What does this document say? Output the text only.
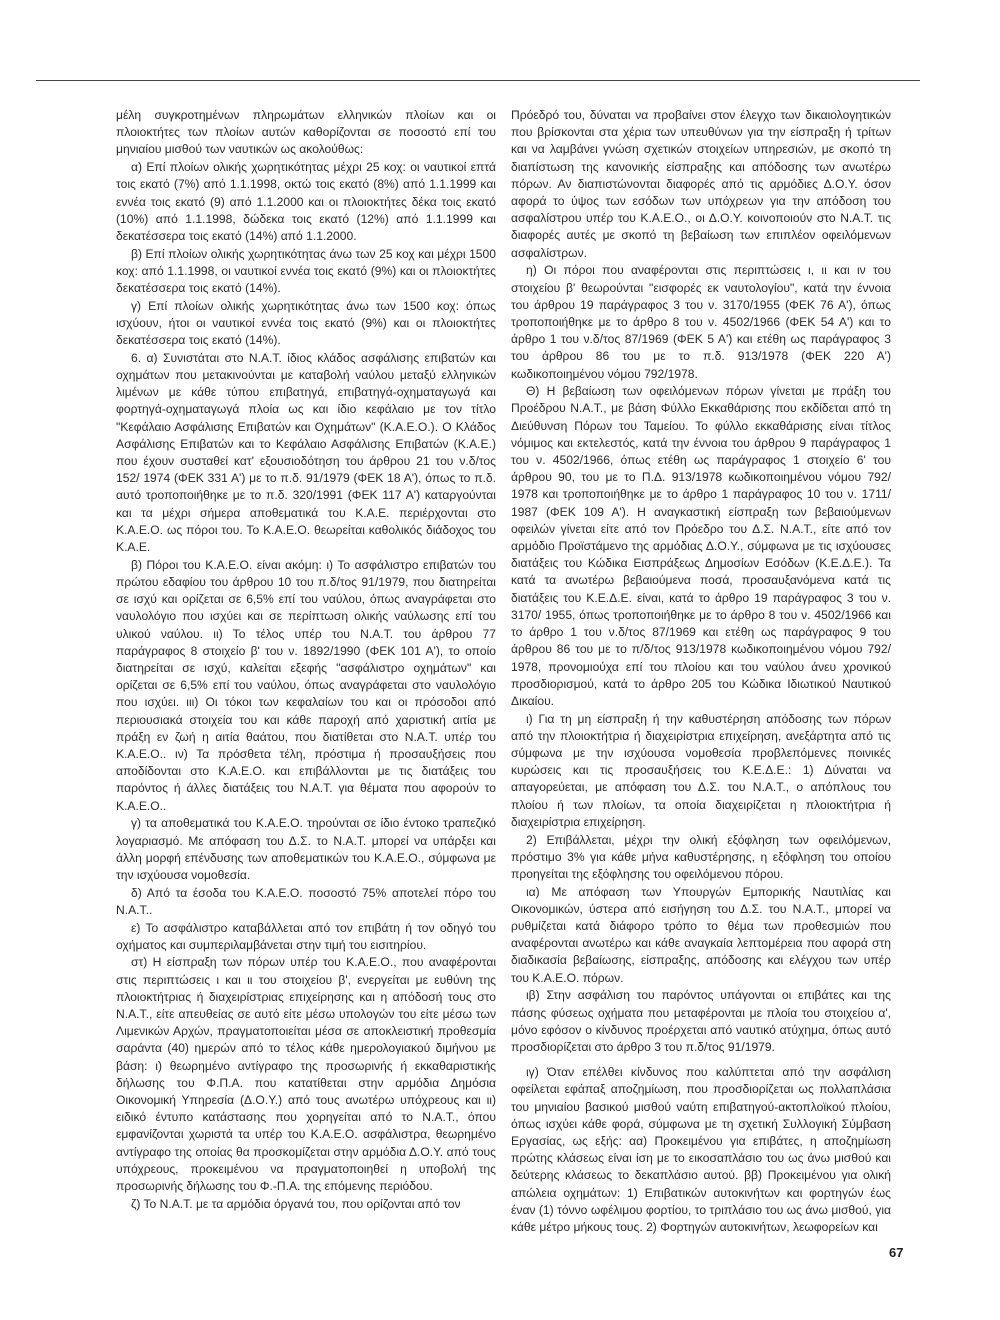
μέλη συγκροτημένων πληρωμάτων ελληνικών πλοίων και οι πλοιοκτήτες των πλοίων αυτών καθορίζονται σε ποσοστό επί του μηνιαίου μισθού των ναυτικών ως ακολούθως:

α) Επί πλοίων ολικής χωρητικότητας μέχρι 25 κοχ: οι ναυτικοί επτά τοις εκατό (7%) από 1.1.1998, οκτώ τοις εκατό (8%) από 1.1.1999 και εννέα τοις εκατό (9) από 1.1.2000 και οι πλοιοκτήτες δέκα τοις εκατό (10%) από 1.1.1998, δώδεκα τοις εκατό (12%) από 1.1.1999 και δεκατέσσερα τοις εκατό (14%) από 1.1.2000.

β) Επί πλοίων ολικής χωρητικότητας άνω των 25 κοχ και μέχρι 1500 κοχ: από 1.1.1998, οι ναυτικοί εννέα τοις εκατό (9%) και οι πλοιοκτήτες δεκατέσσερα τοις εκατό (14%).

γ) Επί πλοίων ολικής χωρητικότητας άνω των 1500 κοχ: όπως ισχύουν, ήτοι οι ναυτικοί εννέα τοις εκατό (9%) και οι πλοιοκτήτες δεκατέσσερα τοις εκατό (14%).

6. α) Συνιστάται στο Ν.Α.Τ. ίδιος κλάδος ασφάλισης επιβατών και οχημάτων που μετακινούνται με καταβολή ναύλου μεταξύ ελληνικών λιμένων με κάθε τύπου επιβατηγά, επιβατηγά-οχηματαγωγά και φορτηγά-οχηματαγωγά πλοία ως και ίδιο κεφάλαιο με τον τίτλο "Κεφάλαιο Ασφάλισης Επιβατών και Οχημάτων" (Κ.Α.Ε.Ο.). Ο Κλάδος Ασφάλισης Επιβατών και το Κεφάλαιο Ασφάλισης Επιβατών (Κ.Α.Ε.) που έχουν συσταθεί κατ' εξουσιοδότηση του άρθρου 21 του ν.δ/τος 152/ 1974 (ΦΕΚ 331 Α') με το π.δ. 91/1979 (ΦΕΚ 18 Α'), όπως το π.δ. αυτό τροποποιήθηκε με το π.δ. 320/1991 (ΦΕΚ 117 Α') καταργούνται και τα μέχρι σήμερα αποθεματικά του Κ.Α.Ε. περιέρχονται στο Κ.Α.Ε.Ο. ως πόροι του. Το Κ.Α.Ε.Ο. θεωρείται καθολικός διάδοχος του Κ.Α.Ε.

β) Πόροι του Κ.Α.Ε.Ο. είναι ακόμη: ι) Το ασφάλιστρο επιβατών του πρώτου εδαφίου του άρθρου 10 του π.δ/τος 91/1979, που διατηρείται σε ισχύ και ορίζεται σε 6,5% επί του ναύλου, όπως αναγράφεται στο ναυλολόγιο που ισχύει και σε περίπτωση ολικής ναύλωσης επί του υλικού ναύλου. ιι) Το τέλος υπέρ του Ν.Α.Τ. του άρθρου 77 παράγραφος 8 στοιχείο β' του ν. 1892/1990 (ΦΕΚ 101 Α'), το οποίο διατηρείται σε ισχύ, καλείται εξεφής "ασφάλιστρο οχημάτων" και ορίζεται σε 6,5% επί του ναύλου, όπως αναγράφεται στο ναυλολόγιο που ισχύει. ιιι) Οι τόκοι των κεφαλαίων του και οι πρόσοδοι από περιουσιακά στοιχεία του και κάθε παροχή από χαριστική αιτία με πράξη εν ζωή η αιτία θαάτου, που διατίθεται στο Ν.Α.Τ. υπέρ του Κ.Α.Ε.Ο.. ιν) Τα πρόσθετα τέλη, πρόστιμα ή προσαυξήσεις που αποδίδονται στο Κ.Α.Ε.Ο. και επιβάλλονται με τις διατάξεις του παρόντος ή άλλες διατάξεις του Ν.Α.Τ. για θέματα που αφορούν το Κ.Α.Ε.Ο..

γ) τα αποθεματικά του Κ.Α.Ε.Ο. τηρούνται σε ίδιο έντοκο τραπεζικό λογαριασμό. Με απόφαση του Δ.Σ. το Ν.Α.Τ. μπορεί να υπάρξει και άλλη μορφή επένδυσης των αποθεματικών του Κ.Α.Ε.Ο., σύμφωνα με την ισχύουσα νομοθεσία.

δ) Από τα έσοδα του Κ.Α.Ε.Ο. ποσοστό 75% αποτελεί πόρο του Ν.Α.Τ..

ε) Το ασφάλιστρο καταβάλλεται από τον επιβάτη ή τον οδηγό του οχήματος και συμπεριλαμβάνεται στην τιμή του εισιτηρίου.

στ) Η είσπραξη των πόρων υπέρ του Κ.Α.Ε.Ο., που αναφέρονται στις περιπτώσεις ι και ιι του στοιχείου β', ενεργείται με ευθύνη της πλοιοκτήτριας ή διαχειρίστριας επιχείρησης και η απόδοσή τους στο Ν.Α.Τ., είτε απευθείας σε αυτό είτε μέσω υπολογών του είτε μέσω των Λιμενικών Αρχών, πραγματοποιείται μέσα σε αποκλειστική προθεσμία σαράντα (40) ημερών από το τέλος κάθε ημερολογιακού διμήνου με βάση: ι) θεωρημένο αντίγραφο της προσωρινής ή εκκαθαριστικής δήλωσης του Φ.Π.Α. που κατατίθεται στην αρμόδια Δημόσια Οικονομική Υπηρεσία (Δ.Ο.Υ.) από τους ανωτέρω υπόχρεους και ιι) ειδικό έντυπο κατάστασης που χορηγείται από το Ν.Α.Τ., όπου εμφανίζονται χωριστά τα υπέρ του Κ.Α.Ε.Ο. ασφάλιστρα, θεωρημένο αντίγραφο της οποίας θα προσκομίζεται στην αρμόδια Δ.Ο.Υ. από τους υπόχρεους, προκειμένου να πραγματοποιηθεί η υποβολή της προσωρινής δήλωσης του Φ.-Π.Α. της επόμενης περιόδου.

ζ) Το Ν.Α.Τ. με τα αρμόδια όργανά του, που ορίζονται από τον

Πρόεδρό του, δύναται να προβαίνει στον έλεγχο των δικαιολογητικών που βρίσκονται στα χέρια των υπευθύνων για την είσπραξη ή τρίτων και να λαμβάνει γνώση σχετικών στοιχείων υπηρεσιών, με σκοπό τη διαπίστωση της κανονικής είσπραξης και απόδοσης των ανωτέρω πόρων. Αν διαπιστώνονται διαφορές από τις αρμόδιες Δ.Ο.Υ. όσον αφορά το ύψος των εσόδων των υπόχρεων για την απόδοση του ασφαλίστρου υπέρ του Κ.Α.Ε.Ο., οι Δ.Ο.Υ. κοινοποιούν στο Ν.Α.Τ. τις διαφορές αυτές με σκοπό τη βεβαίωση των επιπλέον οφειλόμενων ασφαλίστρων.

η) Οι πόροι που αναφέρονται στις περιπτώσεις ι, ιι και ιν του στοιχείου β' θεωρούνται "εισφορές εκ ναυτολογίου", κατά την έννοια του άρθρου 19 παράγραφος 3 του ν. 3170/1955 (ΦΕΚ 76 Α'), όπως τροποποιήθηκε με το άρθρο 8 του ν. 4502/1966 (ΦΕΚ 54 Α') και το άρθρο 1 του ν.δ/τος 87/1969 (ΦΕΚ 5 Α') και ετέθη ως παράγραφος 3 του άρθρου 86 του με το π.δ. 913/1978 (ΦΕΚ 220 Α') κωδικοποιημένου νόμου 792/1978.

Θ) Η βεβαίωση των οφειλόμενων πόρων γίνεται με πράξη του Προέδρου Ν.Α.Τ., με βάση Φύλλο Εκκαθάρισης που εκδίδεται από τη Διεύθυνση Πόρων του Ταμείου. Το φύλλο εκκαθάρισης είναι τίτλος νόμιμος και εκτελεστός, κατά την έννοια του άρθρου 9 παράγραφος 1 του ν. 4502/1966, όπως ετέθη ως παράγραφος 1 στοιχείο 6' του άρθρου 90, του με το Π.Δ. 913/1978 κωδικοποιημένου νόμου 792/ 1978 και τροποποιήθηκε με το άρθρο 1 παράγραφος 10 του ν. 1711/ 1987 (ΦΕΚ 109 Α'). Η αναγκαστική είσπραξη των βεβαιούμενων οφειλών γίνεται είτε από τον Πρόεδρο του Δ.Σ. Ν.Α.Τ., είτε από τον αρμόδιο Προϊστάμενο της αρμόδιας Δ.Ο.Υ., σύμφωνα με τις ισχύουσες διατάξεις του Κώδικα Εισπράξεως Δημοσίων Εσόδων (Κ.Ε.Δ.Ε.). Τα κατά τα ανωτέρω βεβαιούμενα ποσά, προσαυξανόμενα κατά τις διατάξεις του Κ.Ε.Δ.Ε. είναι, κατά το άρθρο 19 παράγραφος 3 του ν. 3170/ 1955, όπως τροποποιήθηκε με το άρθρο 8 του ν. 4502/1966 και το άρθρο 1 του ν.δ/τος 87/1969 και ετέθη ως παράγραφος 9 του άρθρου 86 του με το π/δ/τος 913/1978 κωδικοποιημένου νόμου 792/ 1978, προνομιούχα επί του πλοίου και του ναύλου άνευ χρονικού προσδιορισμού, κατά το άρθρο 205 του Κώδικα Ιδιωτικού Ναυτικού Δικαίου.

ι) Για τη μη είσπραξη ή την καθυστέρηση απόδοσης των πόρων από την πλοιοκτήτρια ή διαχειρίστρια επιχείρηση, ανεξάρτητα από τις σύμφωνα με την ισχύουσα νομοθεσία προβλεπόμενες ποινικές κυρώσεις και τις προσαυξήσεις του Κ.Ε.Δ.Ε.: 1) Δύναται να απαγορεύεται, με απόφαση του Δ.Σ. του Ν.Α.Τ., ο απόπλους του πλοίου ή των πλοίων, τα οποία διαχειρίζεται η πλοιοκτήτρια ή διαχειρίστρια επιχείρηση.

2) Επιβάλλεται, μέχρι την ολική εξόφληση των οφειλόμενων, πρόστιμο 3% για κάθε μήνα καθυστέρησης, η εξόφληση του οποίου προηγείται της εξόφλησης του οφειλόμενου πόρου.

ια) Με απόφαση των Υπουργών Εμπορικής Ναυτιλίας και Οικονομικών, ύστερα από εισήγηση του Δ.Σ. του Ν.Α.Τ., μπορεί να ρυθμίζεται κατά διάφορο τρόπο το θέμα των προθεσμιών που αναφέρονται ανωτέρω και κάθε αναγκαία λεπτομέρεια που αφορά στη διαδικασία βεβαίωσης, είσπραξης, απόδοσης και ελέγχου των υπέρ του Κ.Α.Ε.Ο. πόρων.

ιβ) Στην ασφάλιση του παρόντος υπάγονται οι επιβάτες και της πάσης φύσεως οχήματα που μεταφέρονται με πλοία του στοιχείου α', μόνο εφόσον ο κίνδυνος προέρχεται από ναυτικό ατύχημα, όπως αυτό προσδιορίζεται στο άρθρο 3 του π.δ/τος 91/1979.

ιγ) Όταν επέλθει κίνδυνος που καλύπτεται από την ασφάλιση οφείλεται εφάπαξ αποζημίωση, που προσδιορίζεται ως πολλαπλάσια του μηνιαίου βασικού μισθού ναύτη επιβατηγού-ακτοπλοϊκού πλοίου, όπως ισχύει κάθε φορά, σύμφωνα με τη σχετική Συλλογική Σύμβαση Εργασίας, ως εξής: αα) Προκειμένου για επιβάτες, η αποζημίωση πρώτης κλάσεως είναι ίση με το εικοσαπλάσιο του ως άνω μισθού και δεύτερης κλάσεως το δεκαπλάσιο αυτού. ββ) Προκειμένου για ολική απώλεια οχημάτων: 1) Επιβατικών αυτοκινήτων και φορτηγών έως έναν (1) τόννο ωφέλιμου φορτίου, το τριπλάσιο του ως άνω μισθού, για κάθε μέτρο μήκους τους. 2) Φορτηγών αυτοκινήτων, λεωφορείων και

67
